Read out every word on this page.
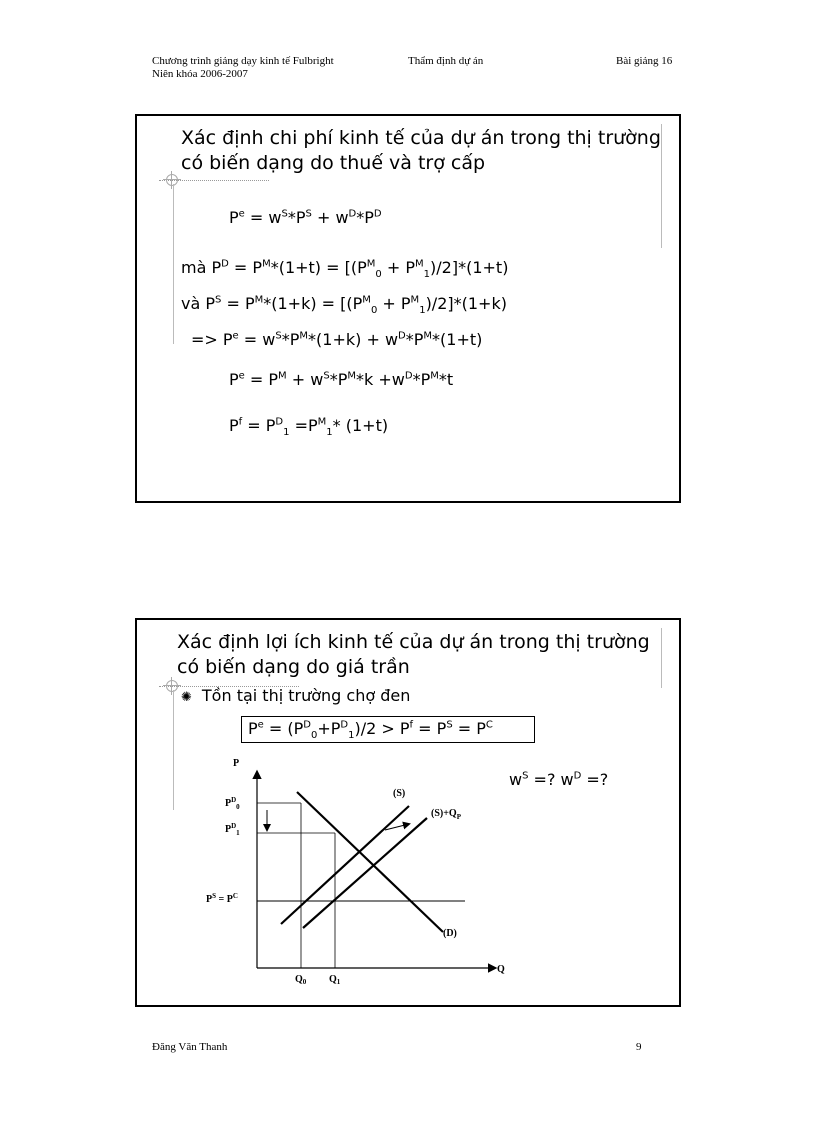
Chương trình giảng dạy kinh tế Fulbright
Niên khóa 2006-2007
Thẩm định dự án	Bài giảng 16
Xác định chi phí kinh tế của dự án trong thị trường
có biến dạng do thuế và trợ cấp
$P^e = w^S*P^S + w^D*P^D$
mà $P^D = P^M*(1+t) = [(P^M_0 + P^M_1)/2]*(1+t)$
và $P^S = P^M*(1+k) = [(P^M_0 + P^M_1)/2]*(1+k)$
=> $P^e = w^S*P^M*(1+k) + w^D*P^M*(1+t)$
$P^e = P^M + w^S*P^M*k +w^D*P^M*t$
$P^f = P^D_1 =P^M_1*$ (1+t)
Xác định lợi ích kinh tế của dự án trong thị trường
có biến dạng do giá trần
✺ Tồn tại thị trường chợ đen
$P^e = (P^D_0+P^D_1)/2 > P^f = P^S = P^C$
$w^S$ =? $w^D$ =?
P
Q
$P^D_0$
$P^D_1$
$P^S = P^C$
$Q_0$ $Q_1$
(S)
$(S)+Q_P$
(D)
Đăng Văn Thanh	9
